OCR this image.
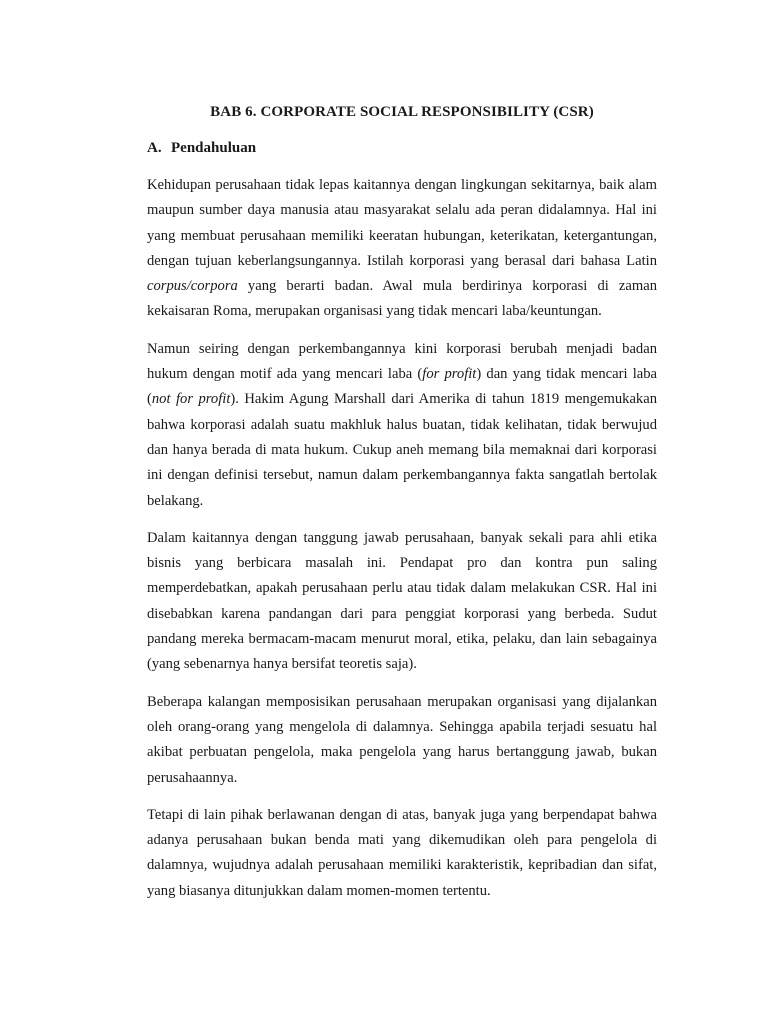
BAB 6. CORPORATE SOCIAL RESPONSIBILITY (CSR)
A. Pendahuluan

Kehidupan perusahaan tidak lepas kaitannya dengan lingkungan sekitarnya, baik alam maupun sumber daya manusia atau masyarakat selalu ada peran didalamnya. Hal ini yang membuat perusahaan memiliki keeratan hubungan, keterikatan, ketergantungan, dengan tujuan keberlangsungannya. Istilah korporasi yang berasal dari bahasa Latin corpus/corpora yang berarti badan. Awal mula berdirinya korporasi di zaman kekaisaran Roma, merupakan organisasi yang tidak mencari laba/keuntungan.

Namun seiring dengan perkembangannya kini korporasi berubah menjadi badan hukum dengan motif ada yang mencari laba (for profit) dan yang tidak mencari laba (not for profit). Hakim Agung Marshall dari Amerika di tahun 1819 mengemukakan bahwa korporasi adalah suatu makhluk halus buatan, tidak kelihatan, tidak berwujud dan hanya berada di mata hukum. Cukup aneh memang bila memaknai dari korporasi ini dengan definisi tersebut, namun dalam perkembangannya fakta sangatlah bertolak belakang.

Dalam kaitannya dengan tanggung jawab perusahaan, banyak sekali para ahli etika bisnis yang berbicara masalah ini. Pendapat pro dan kontra pun saling memperdebatkan, apakah perusahaan perlu atau tidak dalam melakukan CSR. Hal ini disebabkan karena pandangan dari para penggiat korporasi yang berbeda. Sudut pandang mereka bermacam-macam menurut moral, etika, pelaku, dan lain sebagainya (yang sebenarnya hanya bersifat teoretis saja).

Beberapa kalangan memposisikan perusahaan merupakan organisasi yang dijalankan oleh orang-orang yang mengelola di dalamnya. Sehingga apabila terjadi sesuatu hal akibat perbuatan pengelola, maka pengelola yang harus bertanggung jawab, bukan perusahaannya.

Tetapi di lain pihak berlawanan dengan di atas, banyak juga yang berpendapat bahwa adanya perusahaan bukan benda mati yang dikemudikan oleh para pengelola di dalamnya, wujudnya adalah perusahaan memiliki karakteristik, kepribadian dan sifat, yang biasanya ditunjukkan dalam momen-momen tertentu.
